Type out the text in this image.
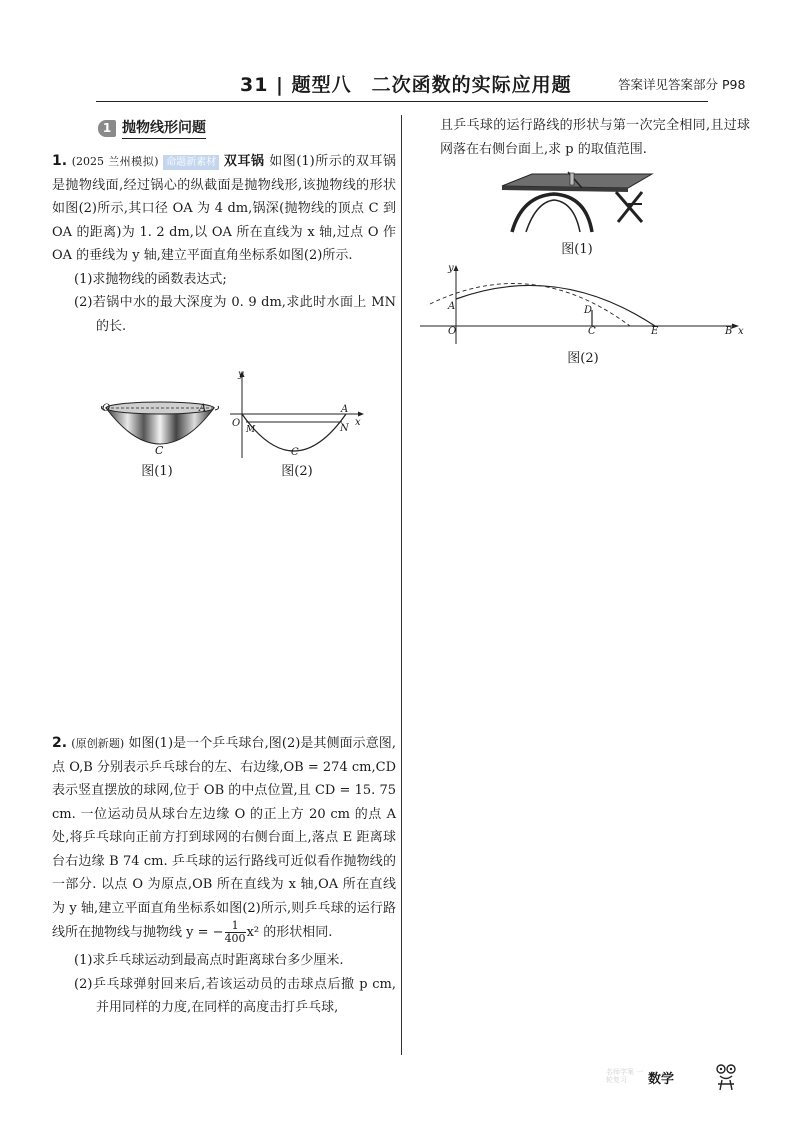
31 | 题型八　二次函数的实际应用题	答案详见答案部分 P98
1 抛物线形问题

1. (2025 兰州模拟) 命题新素材 双耳锅 如图(1)所示的双耳锅是抛物线面,经过锅心的纵截面是抛物线形,该抛物线的形状如图(2)所示,其口径 OA 为 4 dm,锅深(抛物线的顶点 C 到 OA 的距离)为 1. 2 dm,以 OA 所在直线为 x 轴,过点 O 作 OA 的垂线为 y 轴,建立平面直角坐标系如图(2)所示.

(1)求抛物线的函数表达式;

(2)若锅中水的最大深度为 0. 9 dm,求此时水面上 MN 的长.

O	A
C
图(1)
y
x
O
M
A
N
C
图(2)

2. (原创新题) 如图(1)是一个乒乓球台,图(2)是其侧面示意图,点 O,B 分别表示乒乓球台的左、右边缘,OB = 274 cm,CD 表示竖直摆放的球网,位于 OB 的中点位置,且 CD = 15. 75 cm. 一位运动员从球台左边缘 O 的正上方 20 cm 的点 A 处,将乒乓球向正前方打到球网的右侧台面上,落点 E 距离球台右边缘 B 74 cm. 乒乓球的运行路线可近似看作抛物线的一部分. 以点 O 为原点,OB 所在直线为 x 轴,OA 所在直线为 y 轴,建立平面直角坐标系如图(2)所示,则乒乓球的运行路线所在抛物线与抛物线 y = − $\frac{1}{400} x^2$ 的形状相同.

(1)求乒乓球运动到最高点时距离球台多少厘米.

(2)乒乓球弹射回来后,若该运动员的击球点后撤 p cm,并用同样的力度,在同样的高度击打乒乓球,

且乒乓球的运行路线的形状与第一次完全相同,且过球网落在右侧台面上,求 p 的取值范围.

图(1)
y
x
A
O
D
C	E	B
图(2)
名师学案 一轮复习	数学
